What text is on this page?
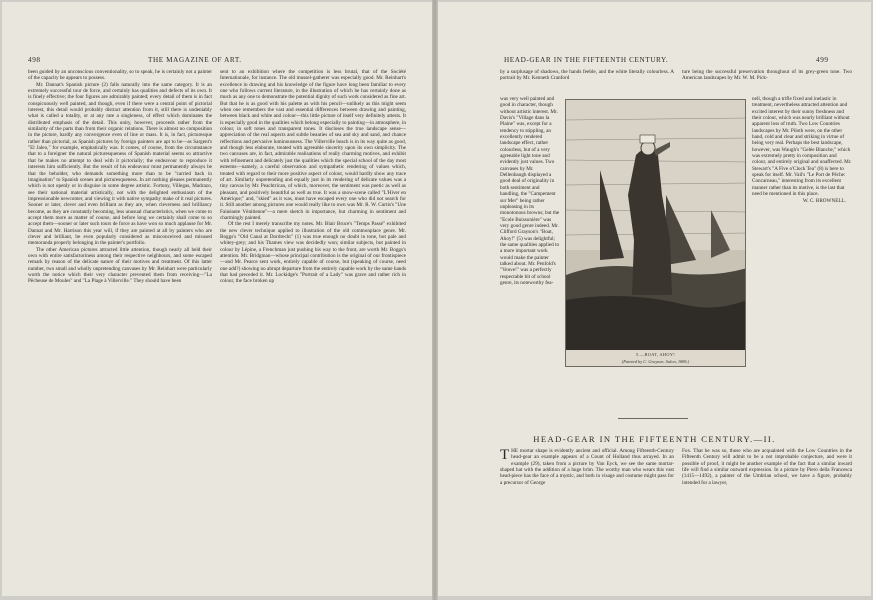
498	THE MAGAZINE OF ART.

been guided by an unconscious conventionality, so to speak, he is certainly not a painter of the capacity he appears to possess.

Mr. Dannat's Spanish picture (2) falls naturally into the same category. It is an extremely successful tour de force, and certainly has qualities and defects of its own. It is finely effective; the four figures are admirably painted; every detail of them is in fact conspicuously well painted, and though, even if there were a central point of pictorial interest, this detail would probably distract attention from it, still there is undeniably what is called a totality, or at any rate a singleness, of effect which dominates the distributed emphasis of the detail. This unity, however, proceeds rather from the similarity of the parts than from their organic relations. There is almost no composition in the picture, hardly any convergence even of line or mass. It is, in fact, picturesque rather than pictorial, as Spanish pictures by foreign painters are apt to be—as Sargent's "El Jaleo," for example, emphatically was. It comes, of course, from the circumstance that to a foreigner the natural picturesqueness of Spanish material seems so attractive that he makes no attempt to deal with it pictorially; the endeavour to reproduce it interests him sufficiently. But the result of his endeavour must permanently always be that the beholder, who demands something more than to be "carried back in imagination" to Spanish scenes and picturesqueness. In art nothing pleases permanently which is not openly or in disguise in some degree artistic. Fortuny, Villegas, Madrazo, see their national material artistically, not with the delighted enthusiasm of the impressionable newcomer, and viewing it with native sympathy make of it real pictures. Sooner or later, clever and even brilliant as they are, when cleverness and brilliancy become, as they are constantly becoming, less unusual characteristics, when we come to accept them more as matter of course, and before long we certainly shall come to so accept them—sooner or later such tours de force as have won so much applause for Mr. Dannat and Mr. Harrison this year will, if they are painted at all by painters who are clever and brilliant, be even popularly considered as misconceived and misused memoranda properly belonging in the painter's portfolio.

The other American pictures attracted little attention, though nearly all held their own with entire satisfactoriness among their respective neighbours, and some escaped remark by reason of the delicate nature of their motives and treatment. Of this latter number, two small and wholly unpretending canvases by Mr. Reinhart were particularly worth the notice which their very character prevented them from receiving—"La Pêcheuse de Moules" and "La Plage à Villerville." They should have been

sent to an exhibition where the competition is less brutal, that of the Société Internationale, for instance. The old mussel-gatherer was especially good. Mr. Reinhart's excellence in drawing and his knowledge of the figure have long been familiar to every one who follows current literature, in the illustration of which he has certainly done as much as any one to demonstrate the potential dignity of such work considered as fine art. But that he is as good with his palette as with his pencil—unlikely as this might seem when one remembers the vast and essential differences between drawing and painting, between black and white and colour—this little picture of itself very definitely attests. It is especially good in the qualities which belong especially to painting—in atmosphere, in colour, in soft tones and transparent tones. It discloses the true landscape sense—appreciation of the real aspects and subtle beauties of sea and sky and sand, and chance reflections and pervasive luminousness. The Villerville beach is in its way quite as good, and though less elaborate, treated with agreeable sincerity upon its own simplicity. The two canvases are, in fact, admirable realisations of really charming motives, and exhibit with refinement and delicately just the qualities which the special school of the day most esteems—namely, a careful observation and sympathetic rendering of values which, treated with regard to their more positive aspect of colour, would hardly show any trace of art. Similarly unpretending and equally just in its rendering of delicate values was a tiny canvas by Mr. Peachtrican, of which, moreover, the sentiment was poetic as well as pleasant, and positively beautiful as well as true. It was a snow-scene called "L'Hiver en Amérique;" and, "skied" as it was, must have escaped every one who did not search for it. Still another among pictures one would really like to own was Mr. R. W. Curtis's "Une Fainéante Vénitienne"—a mere sketch in importance, but charming in sentiment and charmingly painted.

Of the rest I merely transcribe my notes. Mr. Blair Bruce's "Temps Passé" exhibited the new clever technique applied to illustration of the old commonplace genre. Mr. Boggs's "Old Canal at Dordrecht" (1) was true enough no doubt in tone, but pale and whitey-grey; and his Thames view was decidedly won; similar subjects, but painted in colour by Lépine, a Frenchman just pushing his way to the front, are worth Mr. Boggs's attention. Mr. Bridgman—whose principal contribution is the original of our frontispiece—and Mr. Pearce sent work, entirely capable of course, but (speaking of course, need one add?) showing no abrupt departure from the entirely capable work by the same hands that had preceded it. Mr. Lockidge's "Portrait of a Lady" was grave and rather rich in colour, the face broken up

HEAD-GEAR IN THE FIFTEENTH CENTURY.	499

by a surplusage of shadows, the hands feeble, and the white literally colourless. A portrait by Mr. Kenneth Cranford

ture being the successful preservation throughout of its grey-green tone. Two American landscapes by Mr. W. M. Pick-

was very well painted and good in character, though without artistic interest. Mr. Davis's "Village dans la Plaine" was, except for a tendency to stippling, an excellently rendered landscape effect, rather colourless, but of a very agreeable light tone and evidently just values. Two canvases by Mr. Dellenbaugh displayed a good deal of originality in both sentiment and handling, the "Campement sur Mer" being rather unpleasing in its monotonous browns; but the "Ecole Buissonière" was very good genre indeed. Mr. Clifford Grayson's "Boat, Ahoy!" (5) was delightful; the same qualities applied to a more important work would make the painter talked about. Mr. Penfold's "Veuve!" was a perfectly respectable bit of school genre, its noteworthy fea-

5.—BOAT, AHOY!
(Painted by C. Grayson. Salon, 1886.)

nell, though a trifle fixed and inelastic in treatment, nevertheless attracted attention and excited interest by their sunny freshness and their colour, which was nearly brilliant without apparent loss of truth. Two Low Countries landscapes by Mr. Piloth were, on the other hand, cold and clear and striking in virtue of being very real. Perhaps the best landscape, however, was Waugh's "Gelée Blanche," which was extremely pretty in composition and colour, and entirely original and unaffected. Mr. Stewart's "A Five o'Clock Tea" (8) is here to speak for itself. Mr. Vail's "Le Port de Pêche: Concarneau," interesting from its excellent manner rather than its motive, is the last that need be mentioned in this place.

W. C. BROWNELL.

HEAD-GEAR IN THE FIFTEENTH CENTURY.—II.

THE mortar shape is evidently ancient and official. Among Fifteenth-Century head-gear an example appears of a Count of Holland thus arrayed. In an example (29), taken from a picture by Van Eyck, we see the same mortar-shaped hat with the addition of a huge brim. The worthy man who wears this vast head-piece has the face of a mystic, and both in visage and costume might pass for a precursor of George

Fox. That he was so, those who are acquainted with the Low Countries in the Fifteenth Century will admit to be a not improbable conjecture, and were it possible of proof, it might be another example of the fact that a similar inward life will find a similar outward expression. In a picture by Piero della Francesca (1415—1492), a painter of the Umbrian school, we have a figure, probably intended for a lawyer,
